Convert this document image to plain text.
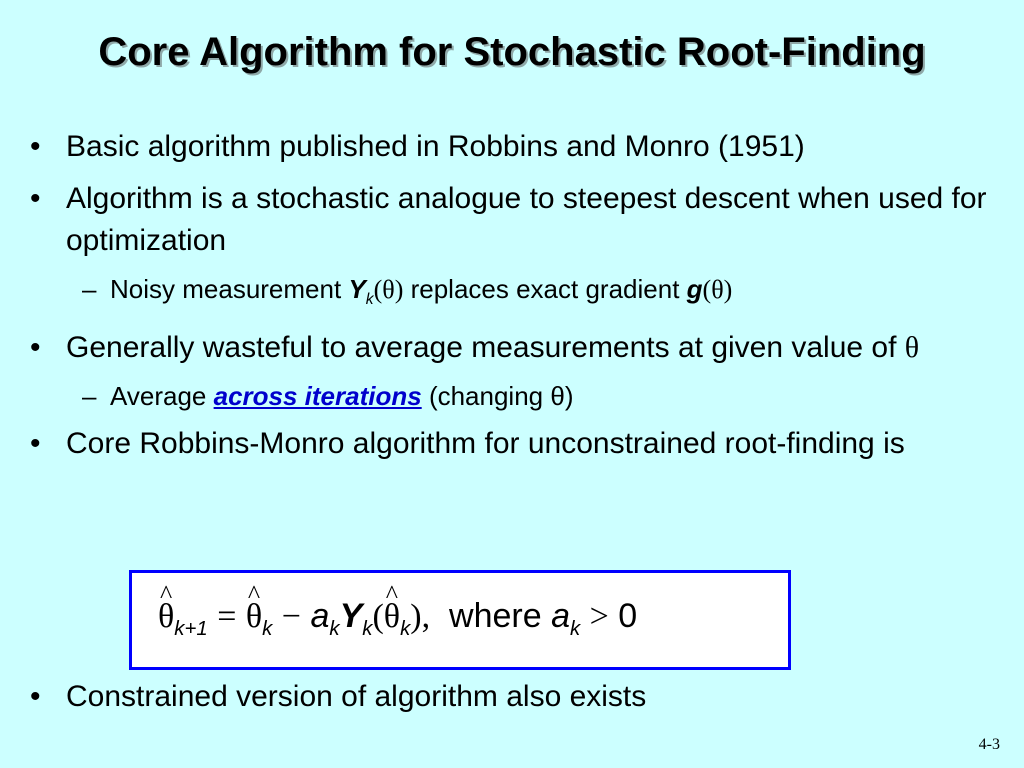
Core Algorithm for Stochastic Root-Finding
• Basic algorithm published in Robbins and Monro (1951)
• Algorithm is a stochastic analogue to steepest descent when used for optimization
– Noisy measurement $Y_k(\theta)$ replaces exact gradient g(θ)
• Generally wasteful to average measurements at given value of θ
– Average across iterations (changing θ)
• Core Robbins-Monro algorithm for unconstrained root-finding is
^ $\theta_{k+1}$ = ^ $\theta_k$ − $a_kY_k(\^{}$ $\theta_k$), where $a_k > 0$
• Constrained version of algorithm also exists
4-3
